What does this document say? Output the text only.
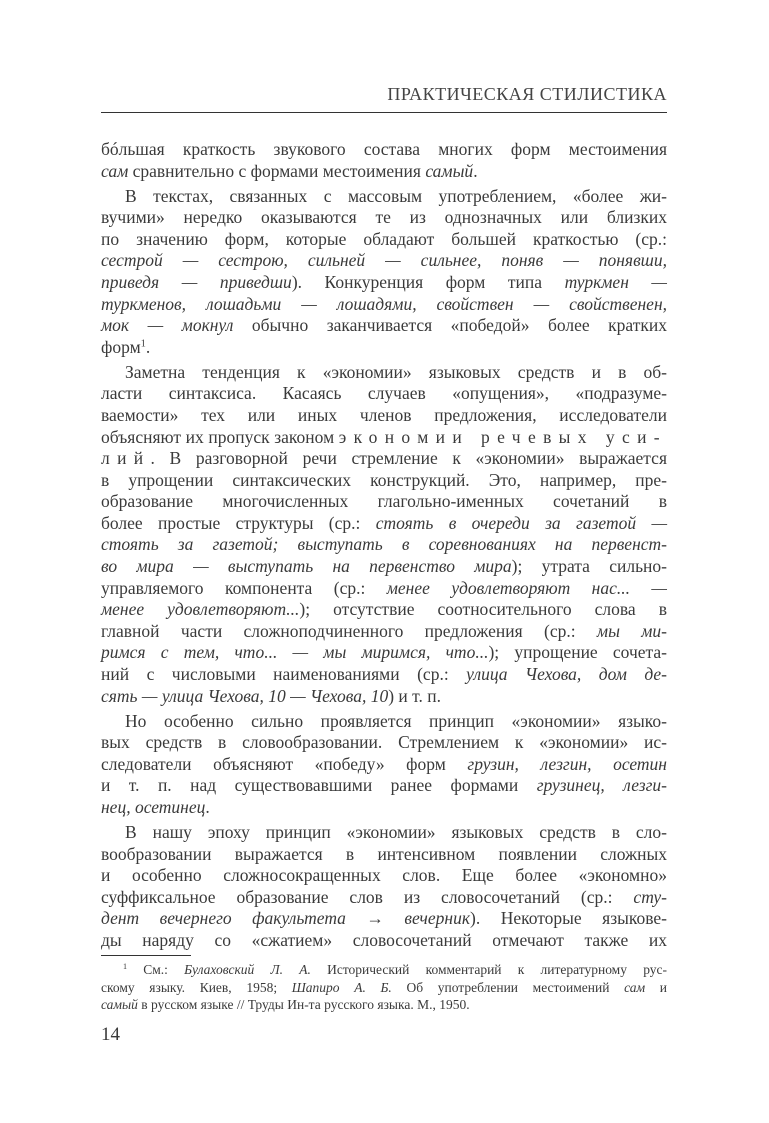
ПРАКТИЧЕСКАЯ СТИЛИСТИКА
бóльшая краткость звукового состава многих форм местоимения
сам сравнительно с формами местоимения самый.
В текстах, связанных с массовым употреблением, «более жи-
вучими» нередко оказываются те из однозначных или близких
по значению форм, которые обладают большей краткостью (ср.:
сестрой — сестрою, сильней — сильнее, поняв — понявши,
приведя — приведши). Конкуренция форм типа туркмен —
туркменов, лошадьми — лошадями, свойствен — свойственен,
мок — мокнул обычно заканчивается «победой» более кратких
форм$^1$.
Заметна тенденция к «экономии» языковых средств и в об-
ласти синтаксиса. Касаясь случаев «опущения», «подразуме-
ваемости» тех или иных членов предложения, исследователи
объясняют их пропуск законом экономии речевых уси-
лий. В разговорной речи стремление к «экономии» выражается
в упрощении синтаксических конструкций. Это, например, пре-
образование многочисленных глагольно-именных сочетаний в
более простые структуры (ср.: стоять в очереди за газетой —
стоять за газетой; выступать в соревнованиях на первенст-
во мира — выступать на первенство мира); утрата сильно-
управляемого компонента (ср.: менее удовлетворяют нас... —
менее удовлетворяют...); отсутствие соотносительного слова в
главной части сложноподчиненного предложения (ср.: мы ми-
римся с тем, что... — мы миримся, что...); упрощение сочета-
ний с числовыми наименованиями (ср.: улица Чехова, дом де-
сять — улица Чехова, 10 — Чехова, 10) и т. п.
Но особенно сильно проявляется принцип «экономии» языко-
вых средств в словообразовании. Стремлением к «экономии» ис-
следователи объясняют «победу» форм грузин, лезгин, осетин
и т. п. над существовавшими ранее формами грузинец, лезги-
нец, осетинец.
В нашу эпоху принцип «экономии» языковых средств в сло-
вообразовании выражается в интенсивном появлении сложных
и особенно сложносокращенных слов. Еще более «экономно»
суффиксальное образование слов из словосочетаний (ср.: сту-
дент вечернего факультета → вечерник). Некоторые языкове-
ды наряду со «сжатием» словосочетаний отмечают также их
$^1$ См.: Булаховский Л. А. Исторический комментарий к литературному рус-
скому языку. Киев, 1958; Шапиро А. Б. Об употреблении местоимений сам и
самый в русском языке // Труды Ин-та русского языка. М., 1950.
14
